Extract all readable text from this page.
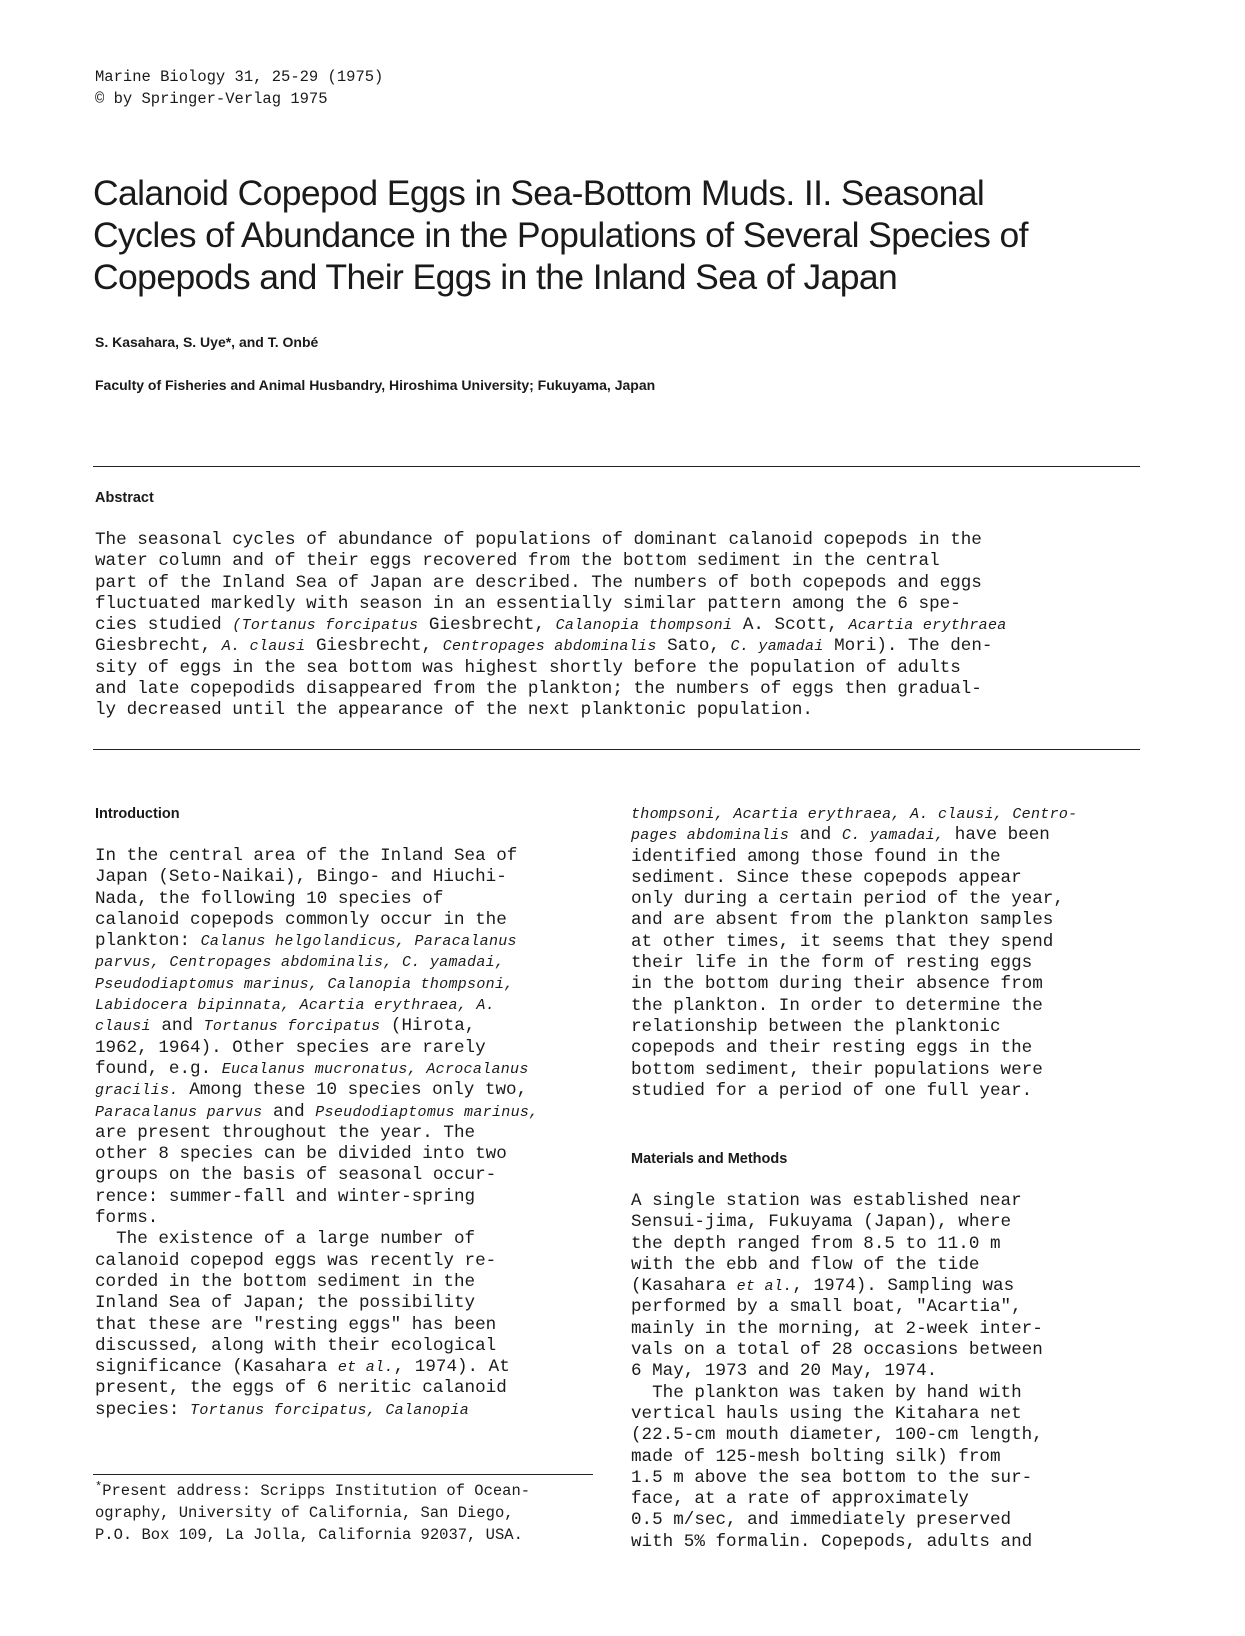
Marine Biology 31, 25-29 (1975)
© by Springer-Verlag 1975
Calanoid Copepod Eggs in Sea-Bottom Muds. II. Seasonal
Cycles of Abundance in the Populations of Several Species of
Copepods and Their Eggs in the Inland Sea of Japan
S. Kasahara, S. Uye*, and T. Onbé
Faculty of Fisheries and Animal Husbandry, Hiroshima University; Fukuyama, Japan
Abstract
The seasonal cycles of abundance of populations of dominant calanoid copepods in the
water column and of their eggs recovered from the bottom sediment in the central
part of the Inland Sea of Japan are described. The numbers of both copepods and eggs
fluctuated markedly with season in an essentially similar pattern among the 6 spe-
cies studied (Tortanus forcipatus Giesbrecht, Calanopia thompsoni A. Scott, Acartia erythraea
Giesbrecht, A. clausi Giesbrecht, Centropages abdominalis Sato, C. yamadai Mori). The den-
sity of eggs in the sea bottom was highest shortly before the population of adults
and late copepodids disappeared from the plankton; the numbers of eggs then gradual-
ly decreased until the appearance of the next planktonic population.
Introduction
In the central area of the Inland Sea of
Japan (Seto-Naikai), Bingo- and Hiuchi-
Nada, the following 10 species of
calanoid copepods commonly occur in the
plankton: Calanus helgolandicus, Paracalanus
parvus, Centropages abdominalis, C. yamadai,
Pseudodiaptomus marinus, Calanopia thompsoni,
Labidocera bipinnata, Acartia erythraea, A.
clausi and Tortanus forcipatus (Hirota,
1962, 1964). Other species are rarely
found, e.g. Eucalanus mucronatus, Acrocalanus
gracilis. Among these 10 species only two,
Paracalanus parvus and Pseudodiaptomus marinus,
are present throughout the year. The
other 8 species can be divided into two
groups on the basis of seasonal occur-
rence: summer-fall and winter-spring
forms.
The existence of a large number of
calanoid copepod eggs was recently re-
corded in the bottom sediment in the
Inland Sea of Japan; the possibility
that these are "resting eggs" has been
discussed, along with their ecological
significance (Kasahara et al., 1974). At
present, the eggs of 6 neritic calanoid
species: Tortanus forcipatus, Calanopia
*Present address: Scripps Institution of Ocean-
ography, University of California, San Diego,
P.O. Box 109, La Jolla, California 92037, USA.
thompsoni, Acartia erythraea, A. clausi, Centro-
pages abdominalis and C. yamadai, have been
identified among those found in the
sediment. Since these copepods appear
only during a certain period of the year,
and are absent from the plankton samples
at other times, it seems that they spend
their life in the form of resting eggs
in the bottom during their absence from
the plankton. In order to determine the
relationship between the planktonic
copepods and their resting eggs in the
bottom sediment, their populations were
studied for a period of one full year.
Materials and Methods
A single station was established near
Sensui-jima, Fukuyama (Japan), where
the depth ranged from 8.5 to 11.0 m
with the ebb and flow of the tide
(Kasahara et al., 1974). Sampling was
performed by a small boat, "Acartia",
mainly in the morning, at 2-week inter-
vals on a total of 28 occasions between
6 May, 1973 and 20 May, 1974.
The plankton was taken by hand with
vertical hauls using the Kitahara net
(22.5-cm mouth diameter, 100-cm length,
made of 125-mesh bolting silk) from
1.5 m above the sea bottom to the sur-
face, at a rate of approximately
0.5 m/sec, and immediately preserved
with 5% formalin. Copepods, adults and
